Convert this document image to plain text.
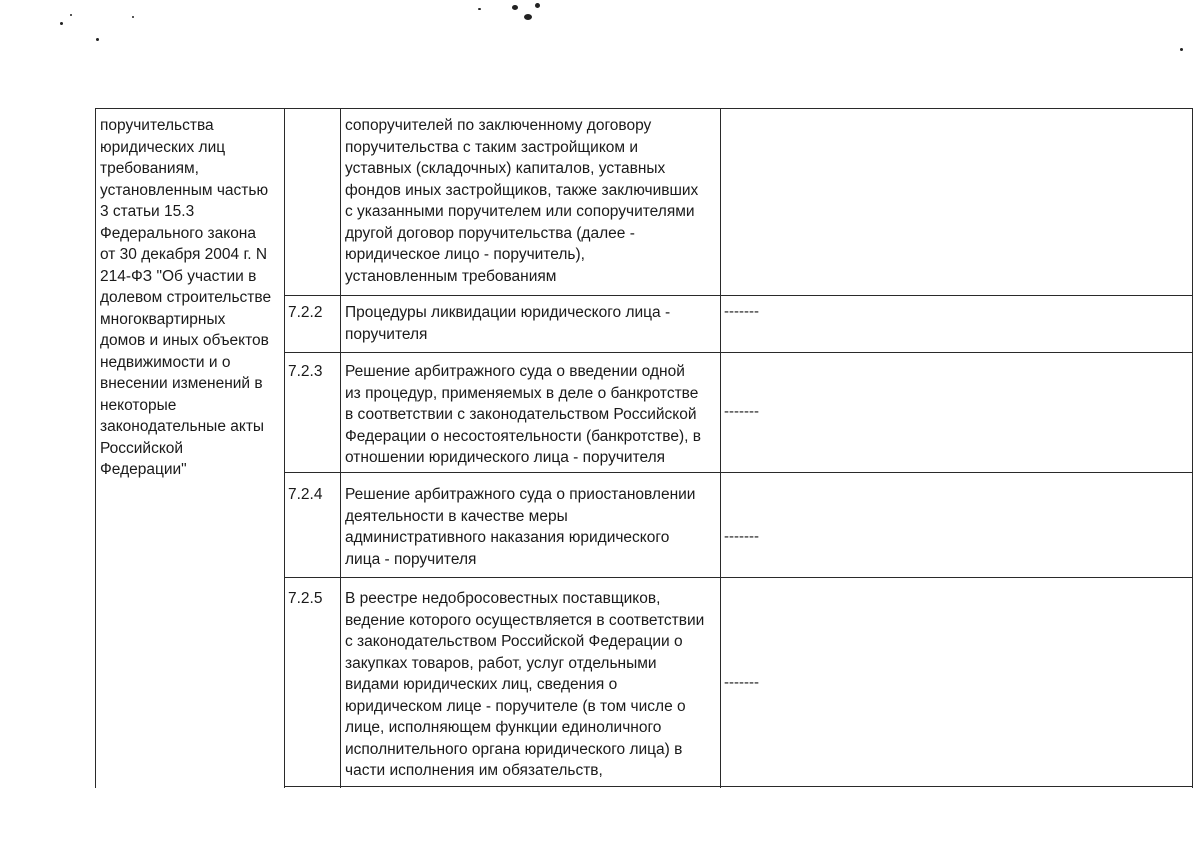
поручительства
юридических лиц
требованиям,
установленным частью
3 статьи 15.3
Федерального закона
от 30 декабря 2004 г. N
214-ФЗ "Об участии в
долевом строительстве
многоквартирных
домов и иных объектов
недвижимости и о
внесении изменений в
некоторые
законодательные акты
Российской
Федерации"
сопоручителей по заключенному договору
поручительства с таким застройщиком и
уставных (складочных) капиталов, уставных
фондов иных застройщиков, также заключивших
с указанными поручителем или сопоручителями
другой договор поручительства (далее -
юридическое лицо - поручитель),
установленным требованиям
7.2.2 Процедуры ликвидации юридического лица -
поручителя
-------
7.2.3 Решение арбитражного суда о введении одной
из процедур, применяемых в деле о банкротстве
в соответствии с законодательством Российской
Федерации о несостоятельности (банкротстве), в
отношении юридического лица - поручителя
-------
7.2.4 Решение арбитражного суда о приостановлении
деятельности в качестве меры
административного наказания юридического
лица - поручителя
-------
7.2.5 В реестре недобросовестных поставщиков,
ведение которого осуществляется в соответствии
с законодательством Российской Федерации о
закупках товаров, работ, услуг отдельными
видами юридических лиц, сведения о
юридическом лице - поручителе (в том числе о
лице, исполняющем функции единоличного
исполнительного органа юридического лица) в
части исполнения им обязательств,
-------
